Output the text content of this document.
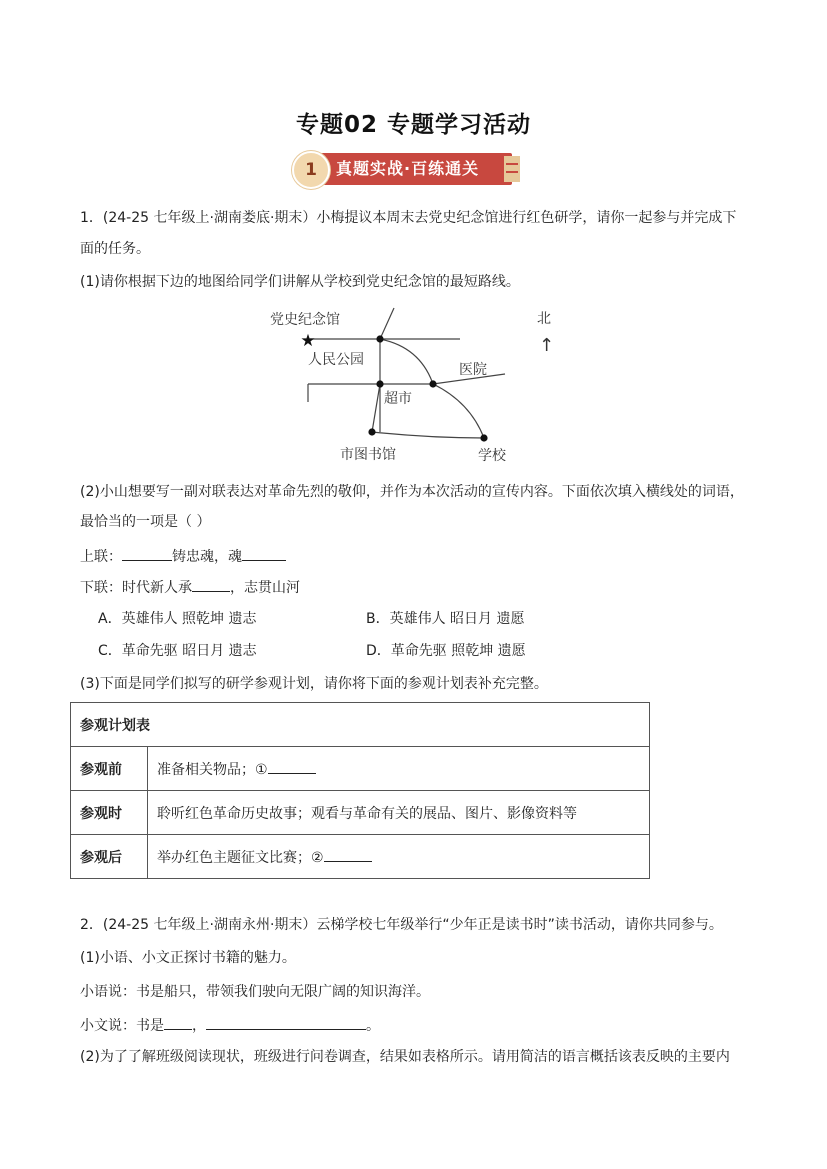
专题02 专题学习活动
1	真题实战·百练通关
1．(24-25 七年级上·湖南娄底·期末）小梅提议本周末去党史纪念馆进行红色研学，请你一起参与并完成下
面的任务。
(1)请你根据下边的地图给同学们讲解从学校到党史纪念馆的最短路线。
★
党史纪念馆
人民公园
超市
医院
市图书馆	学校
北
↑
(2)小山想要写一副对联表达对革命先烈的敬仰，并作为本次活动的宣传内容。下面依次填入横线处的词语，
最恰当的一项是（ ）
上联：	铸忠魂，魂
下联：时代新人承	，志贯山河
A．英雄伟人 照乾坤 遗志	B．英雄伟人 昭日月 遗愿
C．革命先驱 昭日月 遗志	D．革命先驱 照乾坤 遗愿
(3)下面是同学们拟写的研学参观计划，请你将下面的参观计划表补充完整。
参观计划表	
参观前	准备相关物品；①
参观时	聆听红色革命历史故事；观看与革命有关的展品、图片、影像资料等
参观后	举办红色主题征文比赛；②
2．(24-25 七年级上·湖南永州·期末）云梯学校七年级举行“少年正是读书时”读书活动，请你共同参与。
(1)小语、小文正探讨书籍的魅力。
小语说：书是船只，带领我们驶向无限广阔的知识海洋。
小文说：书是 ，	。
(2)为了了解班级阅读现状，班级进行问卷调查，结果如表格所示。请用简洁的语言概括该表反映的主要内
